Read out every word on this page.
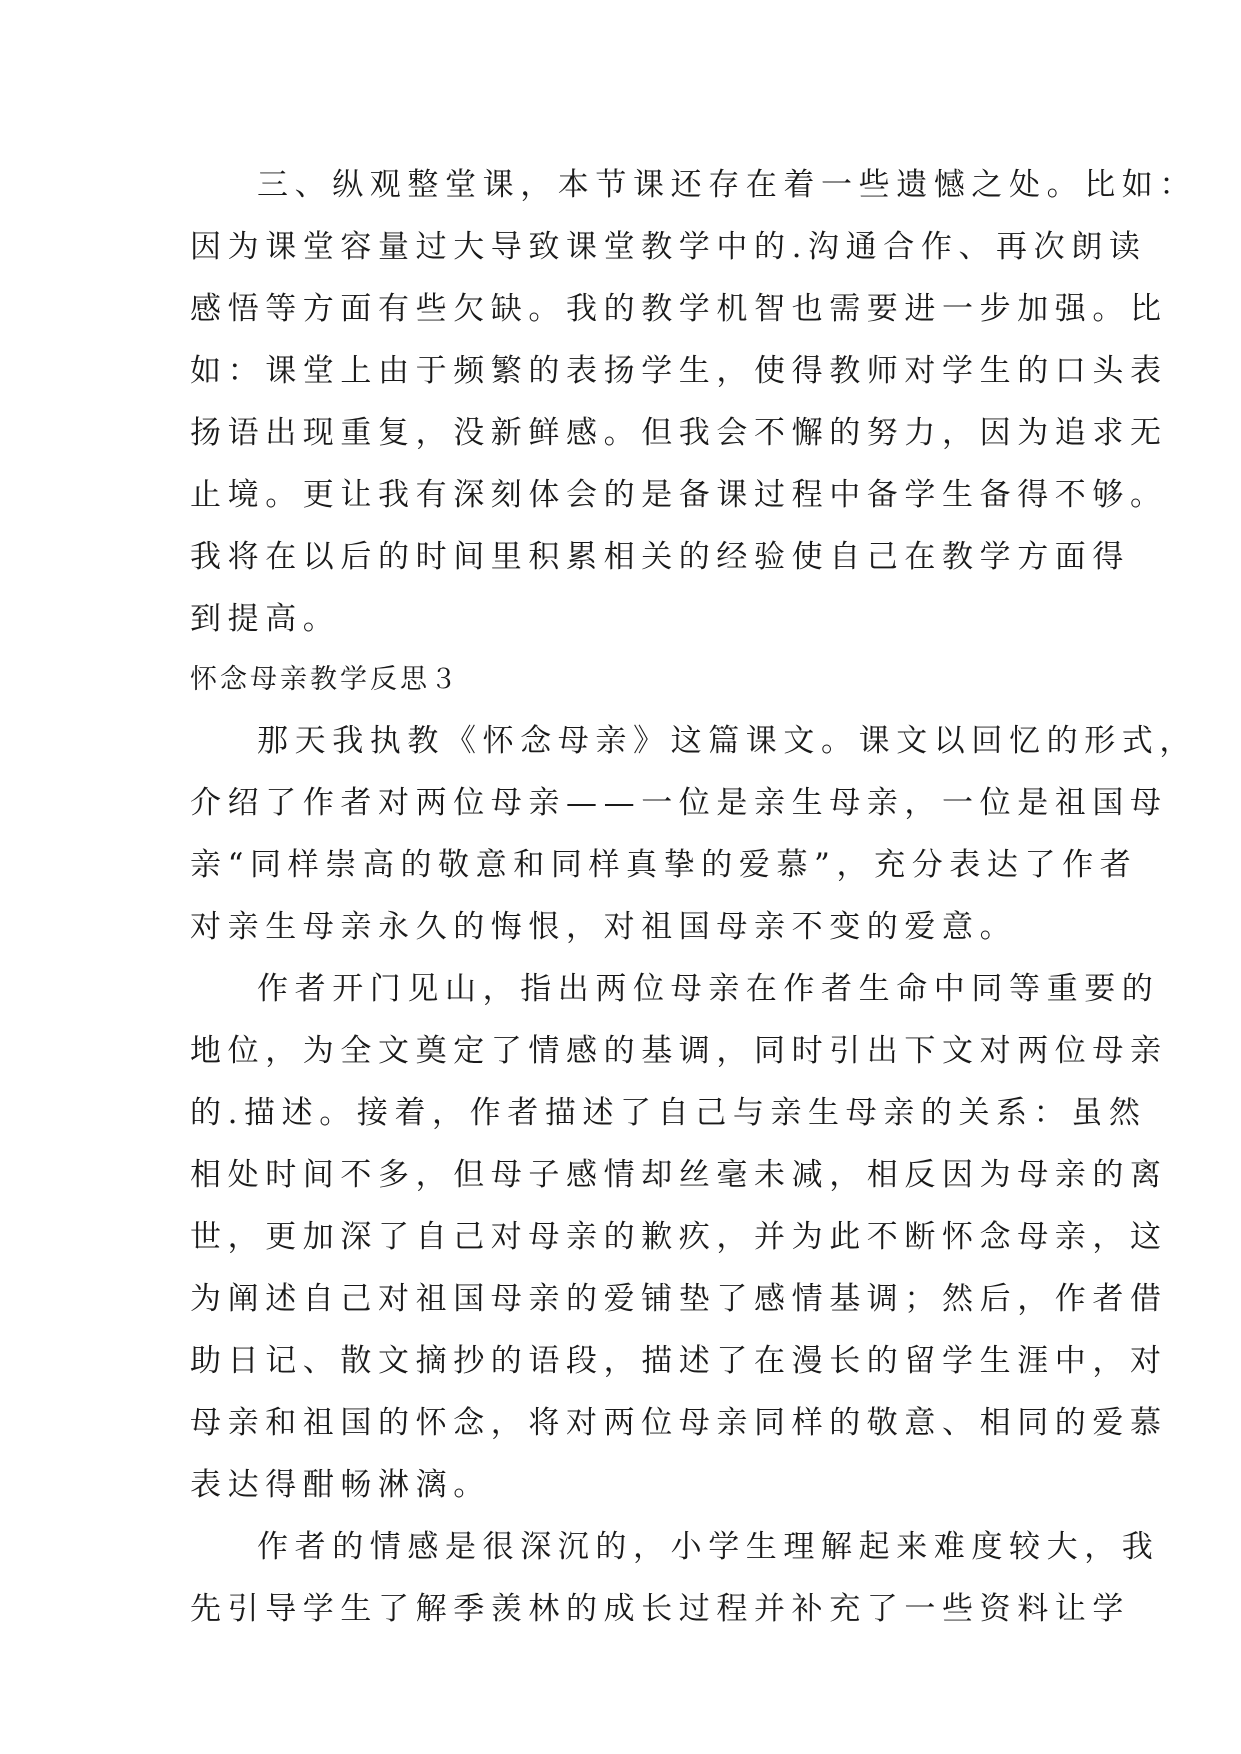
三、纵观整堂课，本节课还存在着一些遗憾之处。比如：
因为课堂容量过大导致课堂教学中的.沟通合作、再次朗读
感悟等方面有些欠缺。我的教学机智也需要进一步加强。比
如：课堂上由于频繁的表扬学生，使得教师对学生的口头表
扬语出现重复，没新鲜感。但我会不懈的努力，因为追求无
止境。更让我有深刻体会的是备课过程中备学生备得不够。
我将在以后的时间里积累相关的经验使自己在教学方面得
到提高。
怀念母亲教学反思３
那天我执教《怀念母亲》这篇课文。课文以回忆的形式，
介绍了作者对两位母亲——一位是亲生母亲，一位是祖国母
亲“同样崇高的敬意和同样真挚的爱慕”，充分表达了作者
对亲生母亲永久的悔恨，对祖国母亲不变的爱意。
作者开门见山，指出两位母亲在作者生命中同等重要的
地位，为全文奠定了情感的基调，同时引出下文对两位母亲
的.描述。接着，作者描述了自己与亲生母亲的关系：虽然
相处时间不多，但母子感情却丝毫未减，相反因为母亲的离
世，更加深了自己对母亲的歉疚，并为此不断怀念母亲，这
为阐述自己对祖国母亲的爱铺垫了感情基调；然后，作者借
助日记、散文摘抄的语段，描述了在漫长的留学生涯中，对
母亲和祖国的怀念，将对两位母亲同样的敬意、相同的爱慕
表达得酣畅淋漓。
作者的情感是很深沉的，小学生理解起来难度较大，我
先引导学生了解季羡林的成长过程并补充了一些资料让学
